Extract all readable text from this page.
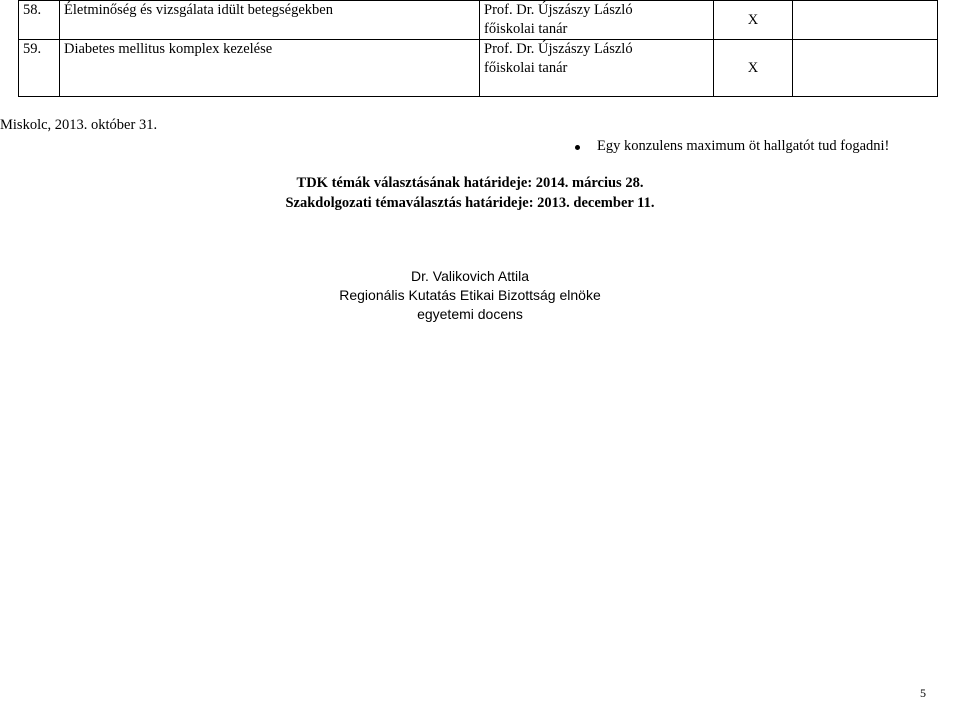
58.	Életminőség és vizsgálata idült betegségekben	Prof. Dr. Újszászy László
főiskolai tanár	X	
59.	Diabetes mellitus komplex kezelése	Prof. Dr. Újszászy László
főiskolai tanár	X	
Miskolc, 2013. október 31.
Egy konzulens maximum öt hallgatót tud fogadni!
TDK témák választásának határideje: 2014. március 28.
Szakdolgozati témaválasztás határideje: 2013. december 11.
Dr. Valikovich Attila
Regionális Kutatás Etikai Bizottság elnöke
egyetemi docens
5
